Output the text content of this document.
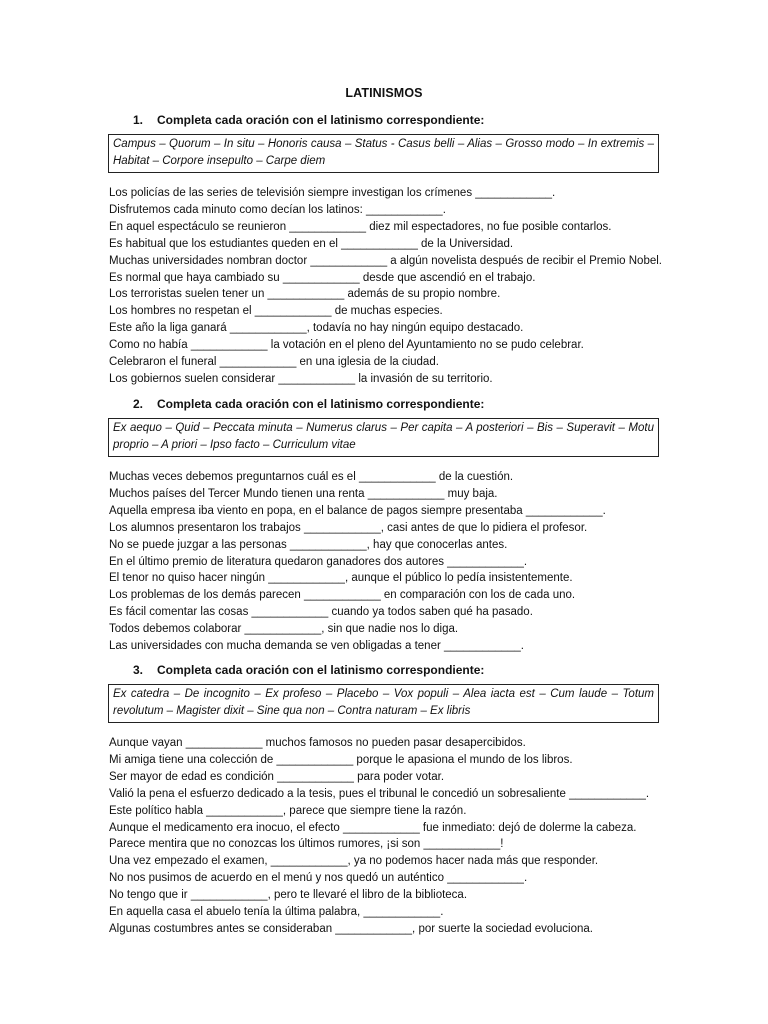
LATINISMOS
1. Completa cada oración con el latinismo correspondiente:
Campus – Quorum – In situ – Honoris causa – Status - Casus belli – Alias – Grosso modo – In extremis – Habitat – Corpore insepulto – Carpe diem
Los policías de las series de televisión siempre investigan los crímenes ____________.
Disfrutemos cada minuto como decían los latinos: ____________.
En aquel espectáculo se reunieron ____________ diez mil espectadores, no fue posible contarlos.
Es habitual que los estudiantes queden en el ____________ de la Universidad.
Muchas universidades nombran doctor ____________ a algún novelista después de recibir el Premio Nobel.
Es normal que haya cambiado su ____________ desde que ascendió en el trabajo.
Los terroristas suelen tener un ____________ además de su propio nombre.
Los hombres no respetan el ____________ de muchas especies.
Este año la liga ganará ____________, todavía no hay ningún equipo destacado.
Como no había ____________ la votación en el pleno del Ayuntamiento no se pudo celebrar.
Celebraron el funeral ____________ en una iglesia de la ciudad.
Los gobiernos suelen considerar ____________ la invasión de su territorio.
2. Completa cada oración con el latinismo correspondiente:
Ex aequo – Quid – Peccata minuta – Numerus clarus – Per capita – A posteriori – Bis – Superavit – Motu proprio – A priori – Ipso facto – Curriculum vitae
Muchas veces debemos preguntarnos cuál es el ____________ de la cuestión.
Muchos países del Tercer Mundo tienen una renta ____________ muy baja.
Aquella empresa iba viento en popa, en el balance de pagos siempre presentaba ____________.
Los alumnos presentaron los trabajos ____________, casi antes de que lo pidiera el profesor.
No se puede juzgar a las personas ____________, hay que conocerlas antes.
En el último premio de literatura quedaron ganadores dos autores ____________.
El tenor no quiso hacer ningún ____________, aunque el público lo pedía insistentemente.
Los problemas de los demás parecen ____________ en comparación con los de cada uno.
Es fácil comentar las cosas ____________ cuando ya todos saben qué ha pasado.
Todos debemos colaborar ____________, sin que nadie nos lo diga.
Las universidades con mucha demanda se ven obligadas a tener ____________.
3. Completa cada oración con el latinismo correspondiente:
Ex catedra – De incognito – Ex profeso – Placebo – Vox populi – Alea iacta est – Cum laude – Totum revolutum – Magister dixit – Sine qua non – Contra naturam – Ex libris
Aunque vayan ____________ muchos famosos no pueden pasar desapercibidos.
Mi amiga tiene una colección de ____________ porque le apasiona el mundo de los libros.
Ser mayor de edad es condición ____________ para poder votar.
Valió la pena el esfuerzo dedicado a la tesis, pues el tribunal le concedió un sobresaliente ____________.
Este político habla ____________, parece que siempre tiene la razón.
Aunque el medicamento era inocuo, el efecto ____________ fue inmediato: dejó de dolerme la cabeza.
Parece mentira que no conozcas los últimos rumores, ¡si son ____________!
Una vez empezado el examen, ____________, ya no podemos hacer nada más que responder.
No nos pusimos de acuerdo en el menú y nos quedó un auténtico ____________.
No tengo que ir ____________, pero te llevaré el libro de la biblioteca.
En aquella casa el abuelo tenía la última palabra, ____________.
Algunas costumbres antes se consideraban ____________, por suerte la sociedad evoluciona.
